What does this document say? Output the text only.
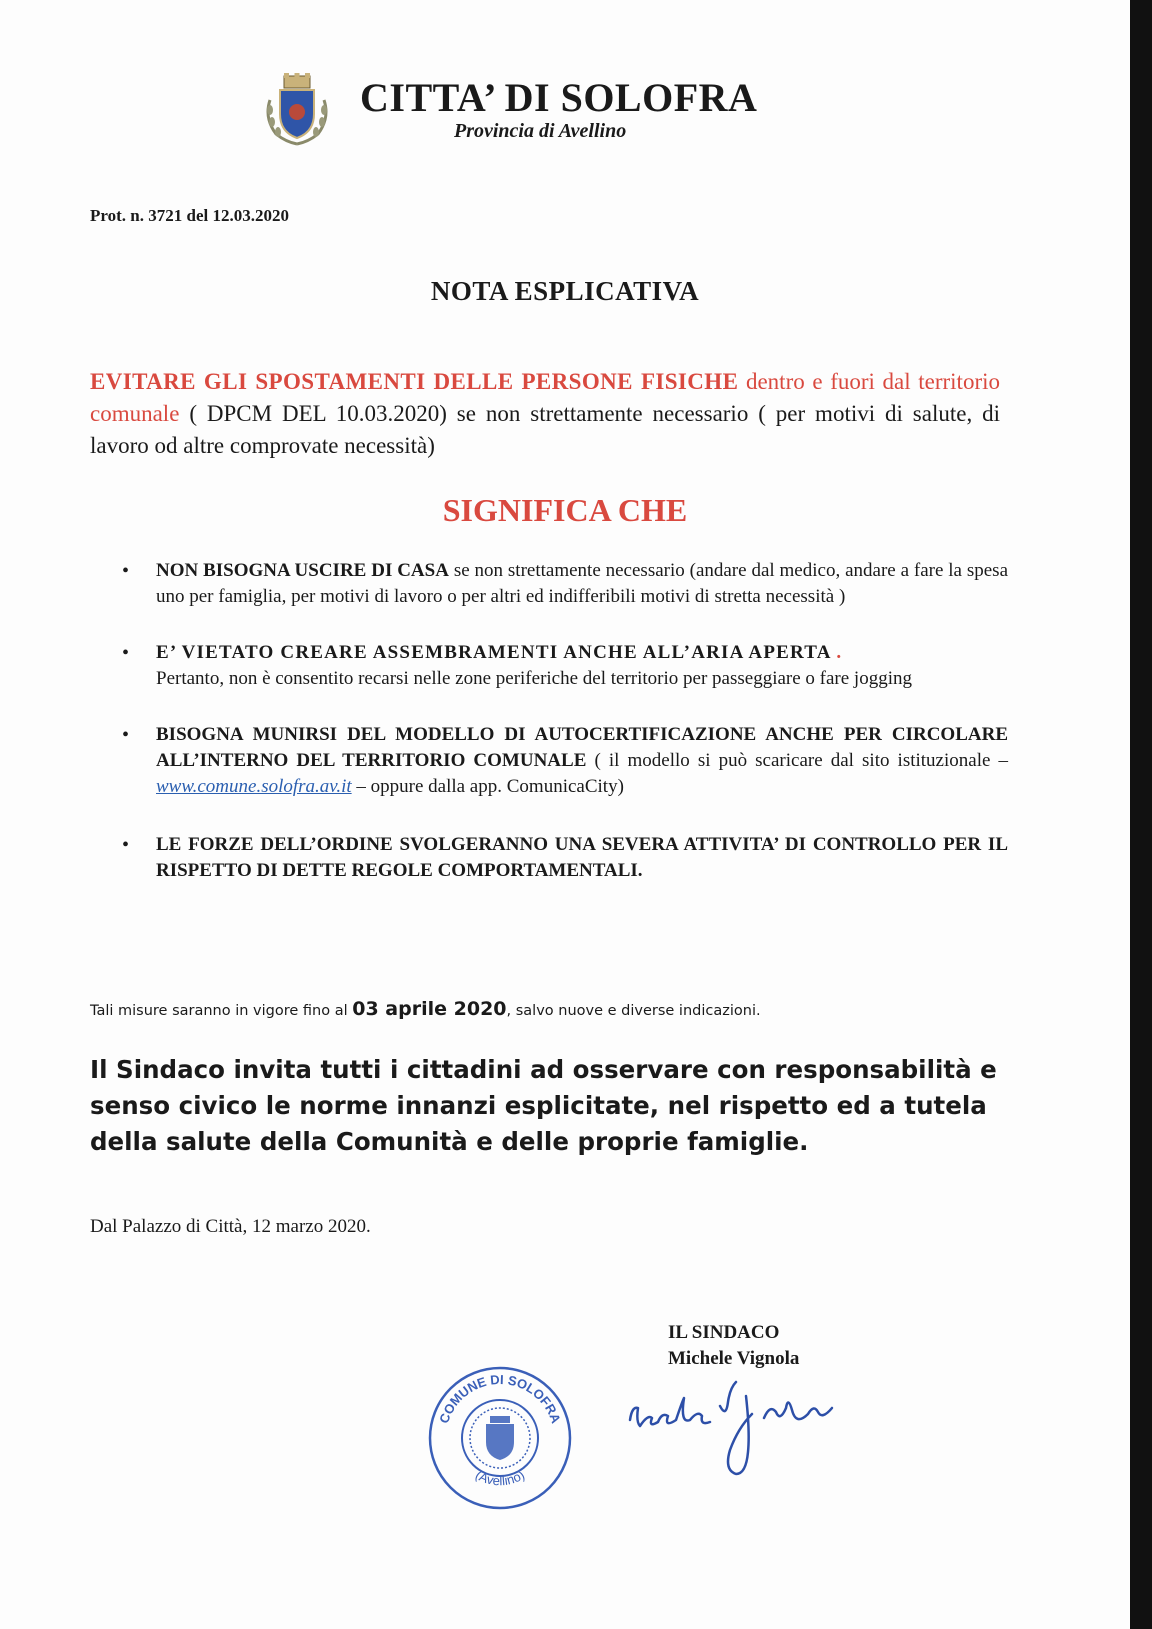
CITTA’ DI SOLOFRA
Provincia di Avellino
Prot. n. 3721 del 12.03.2020
NOTA ESPLICATIVA
EVITARE GLI SPOSTAMENTI DELLE PERSONE FISICHE dentro e fuori dal territorio comunale ( DPCM DEL 10.03.2020) se non strettamente necessario ( per motivi di salute, di lavoro od altre comprovate necessità)
SIGNIFICA CHE
• NON BISOGNA USCIRE DI CASA se non strettamente necessario (andare dal medico, andare a fare la spesa uno per famiglia, per motivi di lavoro o per altri ed indifferibili motivi di stretta necessità )
• E’ VIETATO CREARE ASSEMBRAMENTI ANCHE ALL’ARIA APERTA .
Pertanto, non è consentito recarsi nelle zone periferiche del territorio per passeggiare o fare jogging
• BISOGNA MUNIRSI DEL MODELLO DI AUTOCERTIFICAZIONE ANCHE PER CIRCOLARE ALL’INTERNO DEL TERRITORIO COMUNALE ( il modello si può scaricare dal sito istituzionale – www.comune.solofra.av.it – oppure dalla app. ComunicaCity)
• LE FORZE DELL’ORDINE SVOLGERANNO UNA SEVERA ATTIVITA’ DI CONTROLLO PER IL RISPETTO DI DETTE REGOLE COMPORTAMENTALI.
Tali misure saranno in vigore fino al 03 aprile 2020, salvo nuove e diverse indicazioni.
Il Sindaco invita tutti i cittadini ad osservare con responsabilità e senso civico le norme innanzi esplicitate, nel rispetto ed a tutela della salute della Comunità e delle proprie famiglie.
Dal Palazzo di Città, 12 marzo 2020.
IL SINDACO
Michele Vignola
COMUNE DI SOLOFRA
(Avellino)
